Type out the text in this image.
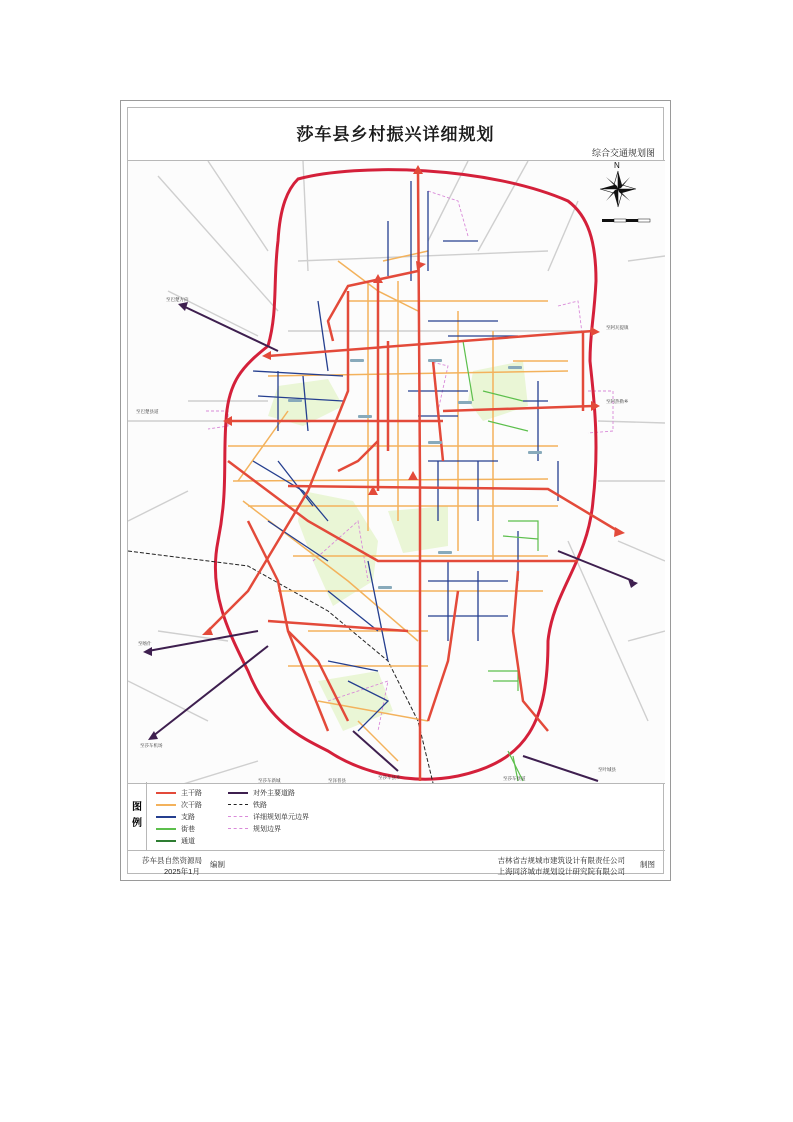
莎车县乡村振兴详细规划
综合交通规划图
N
至巴楚方向
至巴楚县道
至阿瓦提镇
至阿热勒乡
至喀什
至莎车机场
至莎车新城	至泽普县
至莎车县乡	至莎车县道
至叶城县
图
例
主干路
次干路
支路
街巷
通道
对外主要道路
铁路
详细规划单元边界
规划边界
莎车县自然资源局
2025年1月
编制	吉林省吉规城市建筑设计有限责任公司
上海同济城市规划设计研究院有限公司
制图
